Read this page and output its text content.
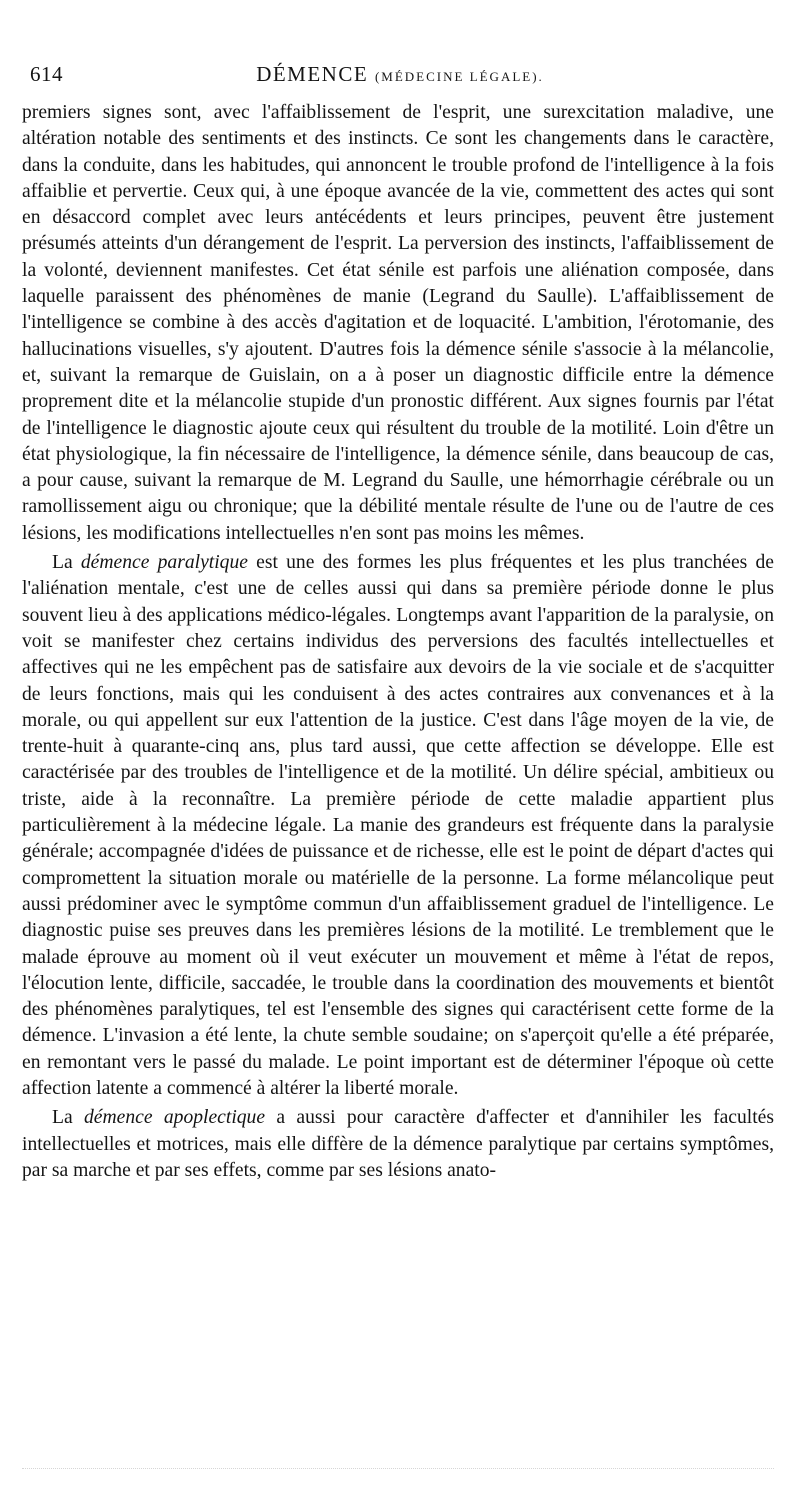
614	DÉMENCE (MÉDECINE LÉGALE).

premiers signes sont, avec l'affaiblissement de l'esprit, une surexcitation maladive, une altération notable des sentiments et des instincts. Ce sont les changements dans le caractère, dans la conduite, dans les habitudes, qui annoncent le trouble profond de l'intelligence à la fois affaiblie et pervertie. Ceux qui, à une époque avancée de la vie, commettent des actes qui sont en désaccord complet avec leurs antécédents et leurs principes, peuvent être justement présumés atteints d'un dérangement de l'esprit. La perversion des instincts, l'affaiblissement de la volonté, deviennent manifestes. Cet état sénile est parfois une aliénation composée, dans laquelle paraissent des phénomènes de manie (Legrand du Saulle). L'affaiblissement de l'intelligence se combine à des accès d'agitation et de loquacité. L'ambition, l'érotomanie, des hallucinations visuelles, s'y ajoutent. D'autres fois la démence sénile s'associe à la mélancolie, et, suivant la remarque de Guislain, on a à poser un diagnostic difficile entre la démence proprement dite et la mélancolie stupide d'un pronostic différent. Aux signes fournis par l'état de l'intelligence le diagnostic ajoute ceux qui résultent du trouble de la motilité. Loin d'être un état physiologique, la fin nécessaire de l'intelligence, la démence sénile, dans beaucoup de cas, a pour cause, suivant la remarque de M. Legrand du Saulle, une hémorrhagie cérébrale ou un ramollissement aigu ou chronique; que la débilité mentale résulte de l'une ou de l'autre de ces lésions, les modifications intellectuelles n'en sont pas moins les mêmes.

La démence paralytique est une des formes les plus fréquentes et les plus tranchées de l'aliénation mentale, c'est une de celles aussi qui dans sa première période donne le plus souvent lieu à des applications médico-légales. Longtemps avant l'apparition de la paralysie, on voit se manifester chez certains individus des perversions des facultés intellectuelles et affectives qui ne les empêchent pas de satisfaire aux devoirs de la vie sociale et de s'acquitter de leurs fonctions, mais qui les conduisent à des actes contraires aux convenances et à la morale, ou qui appellent sur eux l'attention de la justice. C'est dans l'âge moyen de la vie, de trente-huit à quarante-cinq ans, plus tard aussi, que cette affection se développe. Elle est caractérisée par des troubles de l'intelligence et de la motilité. Un délire spécial, ambitieux ou triste, aide à la reconnaître. La première période de cette maladie appartient plus particulièrement à la médecine légale. La manie des grandeurs est fréquente dans la paralysie générale; accompagnée d'idées de puissance et de richesse, elle est le point de départ d'actes qui compromettent la situation morale ou matérielle de la personne. La forme mélancolique peut aussi prédominer avec le symptôme commun d'un affaiblissement graduel de l'intelligence. Le diagnostic puise ses preuves dans les premières lésions de la motilité. Le tremblement que le malade éprouve au moment où il veut exécuter un mouvement et même à l'état de repos, l'élocution lente, difficile, saccadée, le trouble dans la coordination des mouvements et bientôt des phénomènes paralytiques, tel est l'ensemble des signes qui caractérisent cette forme de la démence. L'invasion a été lente, la chute semble soudaine; on s'aperçoit qu'elle a été préparée, en remontant vers le passé du malade. Le point important est de déterminer l'époque où cette affection latente a commencé à altérer la liberté morale.

La démence apoplectique a aussi pour caractère d'affecter et d'annihiler les facultés intellectuelles et motrices, mais elle diffère de la démence paralytique par certains symptômes, par sa marche et par ses effets, comme par ses lésions anato-
